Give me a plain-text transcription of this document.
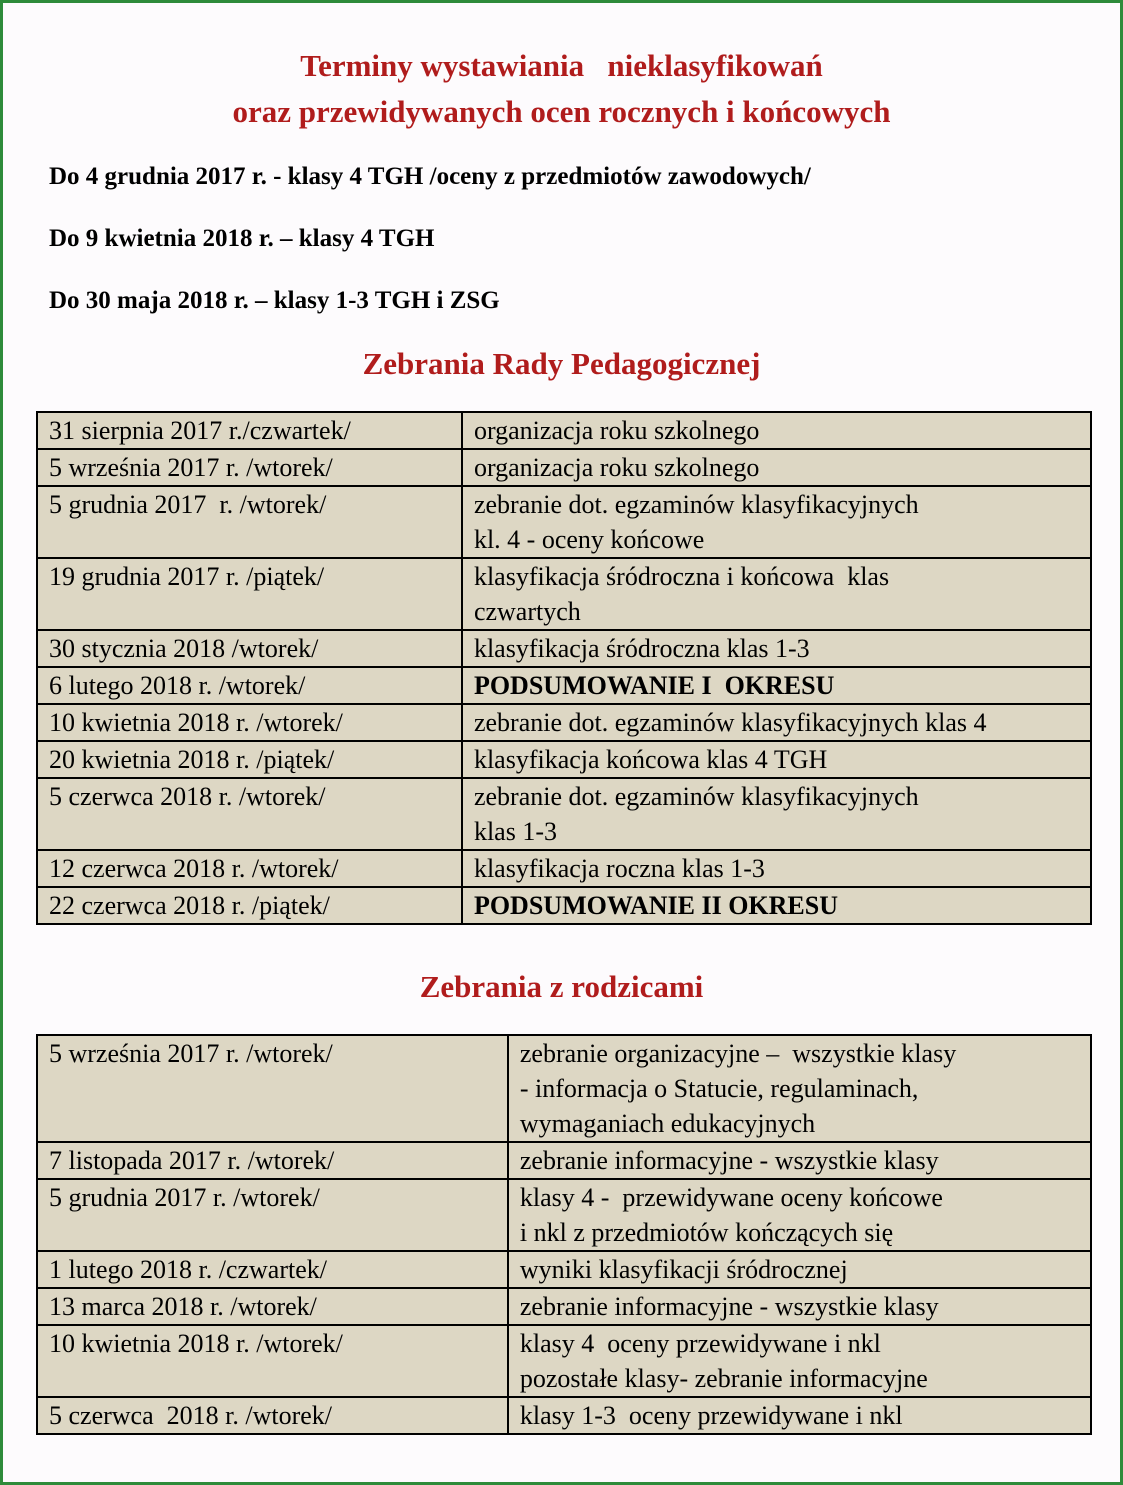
Terminy wystawiania   nieklasyfikowań
oraz przewidywanych ocen rocznych i końcowych
Do 4 grudnia 2017 r. - klasy 4 TGH /oceny z przedmiotów zawodowych/
Do 9 kwietnia 2018 r. – klasy 4 TGH
Do 30 maja 2018 r. – klasy 1-3 TGH i ZSG
Zebrania Rady Pedagogicznej
31 sierpnia 2017 r./czwartek/	organizacja roku szkolnego
5 września 2017 r. /wtorek/	organizacja roku szkolnego
5 grudnia 2017  r. /wtorek/	zebranie dot. egzaminów klasyfikacyjnych
kl. 4 - oceny końcowe
19 grudnia 2017 r. /piątek/	klasyfikacja śródroczna i końcowa  klas
czwartych
30 stycznia 2018 /wtorek/	klasyfikacja śródroczna klas 1-3
6 lutego 2018 r. /wtorek/	PODSUMOWANIE I  OKRESU
10 kwietnia 2018 r. /wtorek/	zebranie dot. egzaminów klasyfikacyjnych klas 4
20 kwietnia 2018 r. /piątek/	klasyfikacja końcowa klas 4 TGH
5 czerwca 2018 r. /wtorek/	zebranie dot. egzaminów klasyfikacyjnych
klas 1-3
12 czerwca 2018 r. /wtorek/	klasyfikacja roczna klas 1-3
22 czerwca 2018 r. /piątek/	PODSUMOWANIE II OKRESU
Zebrania z rodzicami
5 września 2017 r. /wtorek/	zebranie organizacyjne –  wszystkie klasy
- informacja o Statucie, regulaminach,
wymaganiach edukacyjnych
7 listopada 2017 r. /wtorek/	zebranie informacyjne - wszystkie klasy
5 grudnia 2017 r. /wtorek/	klasy 4 -  przewidywane oceny końcowe
i nkl z przedmiotów kończących się
1 lutego 2018 r. /czwartek/	wyniki klasyfikacji śródrocznej
13 marca 2018 r. /wtorek/	zebranie informacyjne - wszystkie klasy
10 kwietnia 2018 r. /wtorek/	klasy 4  oceny przewidywane i nkl
pozostałe klasy- zebranie informacyjne
5 czerwca  2018 r. /wtorek/	klasy 1-3  oceny przewidywane i nkl
